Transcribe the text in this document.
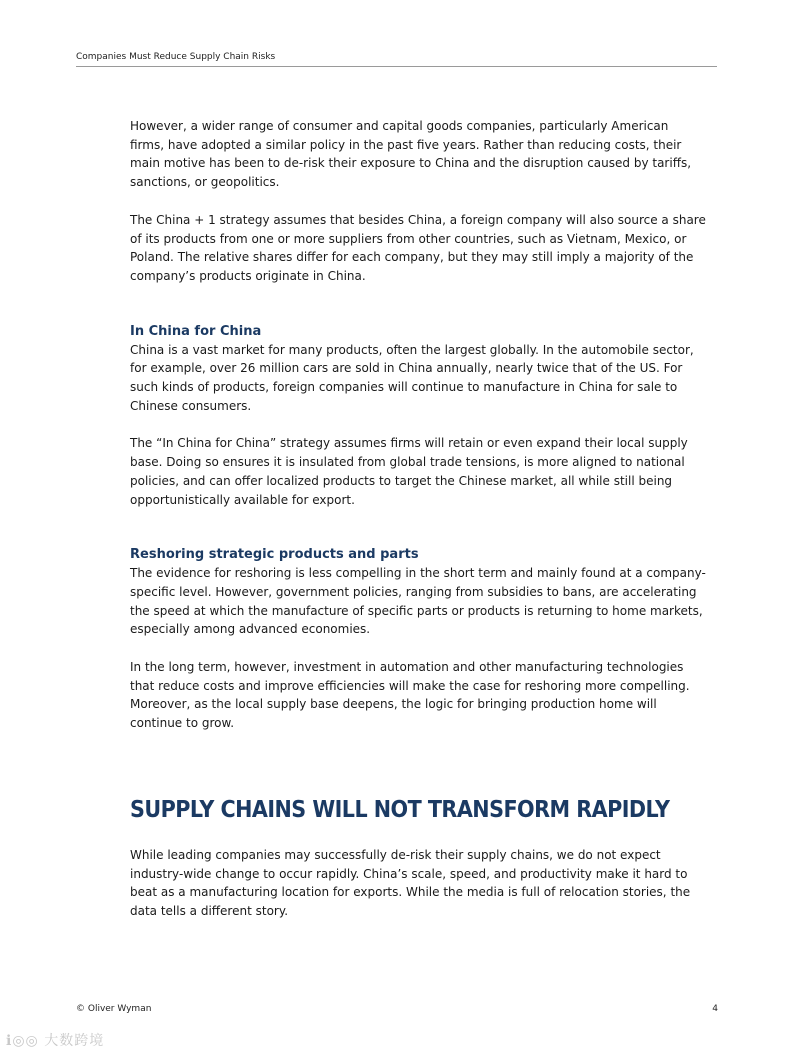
Companies Must Reduce Supply Chain Risks

However, a wider range of consumer and capital goods companies, particularly American
firms, have adopted a similar policy in the past five years. Rather than reducing costs, their
main motive has been to de-risk their exposure to China and the disruption caused by tariffs,
sanctions, or geopolitics.

The China + 1 strategy assumes that besides China, a foreign company will also source a share
of its products from one or more suppliers from other countries, such as Vietnam, Mexico, or
Poland. The relative shares differ for each company, but they may still imply a majority of the
company’s products originate in China.

In China for China

China is a vast market for many products, often the largest globally. In the automobile sector,
for example, over 26 million cars are sold in China annually, nearly twice that of the US. For
such kinds of products, foreign companies will continue to manufacture in China for sale to
Chinese consumers.

The “In China for China” strategy assumes firms will retain or even expand their local supply
base. Doing so ensures it is insulated from global trade tensions, is more aligned to national
policies, and can offer localized products to target the Chinese market, all while still being
opportunistically available for export.

Reshoring strategic products and parts

The evidence for reshoring is less compelling in the short term and mainly found at a company-
specific level. However, government policies, ranging from subsidies to bans, are accelerating
the speed at which the manufacture of specific parts or products is returning to home markets,
especially among advanced economies.

In the long term, however, investment in automation and other manufacturing technologies
that reduce costs and improve efficiencies will make the case for reshoring more compelling.
Moreover, as the local supply base deepens, the logic for bringing production home will
continue to grow.

SUPPLY CHAINS WILL NOT TRANSFORM RAPIDLY

While leading companies may successfully de-risk their supply chains, we do not expect
industry-wide change to occur rapidly. China’s scale, speed, and productivity make it hard to
beat as a manufacturing location for exports. While the media is full of relocation stories, the
data tells a different story.

© Oliver Wyman	4
ℹ◎◎ 大数跨境
